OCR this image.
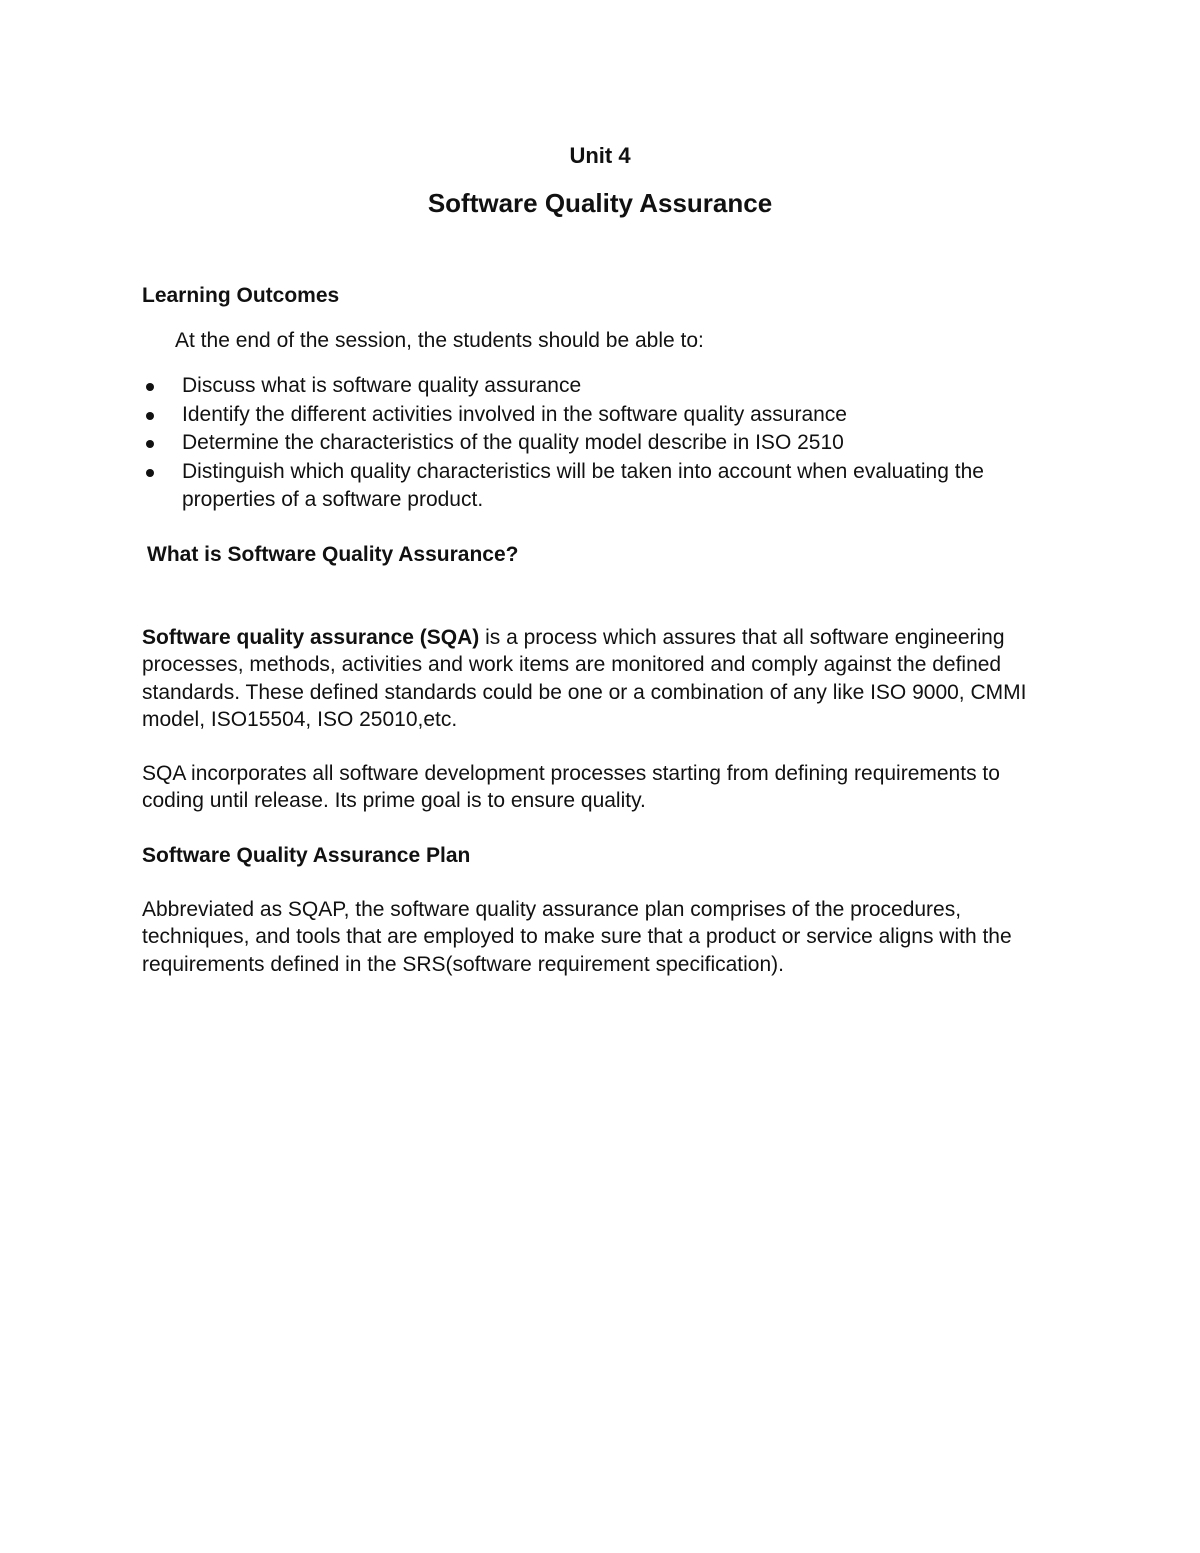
Unit 4
Software Quality Assurance
Learning Outcomes
At the end of the session, the students should be able to:
Discuss what is software quality assurance
Identify the different activities involved in the software quality assurance
Determine the characteristics of the quality model describe in ISO 2510
Distinguish which quality characteristics will be taken into account when evaluating the properties of a software product.
What is Software Quality Assurance?

Software quality assurance (SQA) is a process which assures that all software engineering processes, methods, activities and work items are monitored and comply against the defined standards. These defined standards could be one or a combination of any like ISO 9000, CMMI model, ISO15504, ISO 25010,etc.

SQA incorporates all software development processes starting from defining requirements to coding until release. Its prime goal is to ensure quality.

Software Quality Assurance Plan

Abbreviated as SQAP, the software quality assurance plan comprises of the procedures, techniques, and tools that are employed to make sure that a product or service aligns with the requirements defined in the SRS(software requirement specification).
